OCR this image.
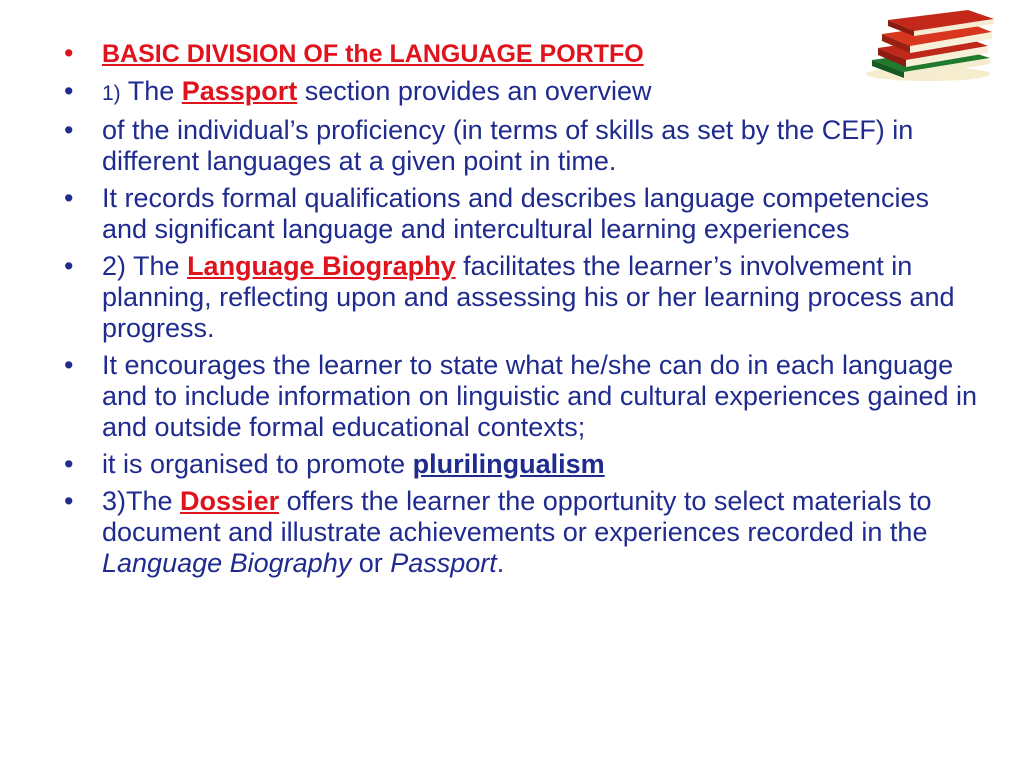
• BASIC DIVISION OF the LANGUAGE PORTFO
• 1) The Passport section provides an overview
• of the individual’s proficiency (in terms of skills as set by the CEF) in different languages at a given point in time.
• It records formal qualifications and describes language competencies and significant language and intercultural learning experiences
• 2) The Language Biography facilitates the learner’s involvement in planning, reflecting upon and assessing his or her learning process and progress.
• It encourages the learner to state what he/she can do in each language and to include information on linguistic and cultural experiences gained in and outside formal educational contexts;
• it is organised to promote plurilingualism
• 3)The Dossier offers the learner the opportunity to select materials to document and illustrate achievements or experiences recorded in the Language Biography or Passport.
